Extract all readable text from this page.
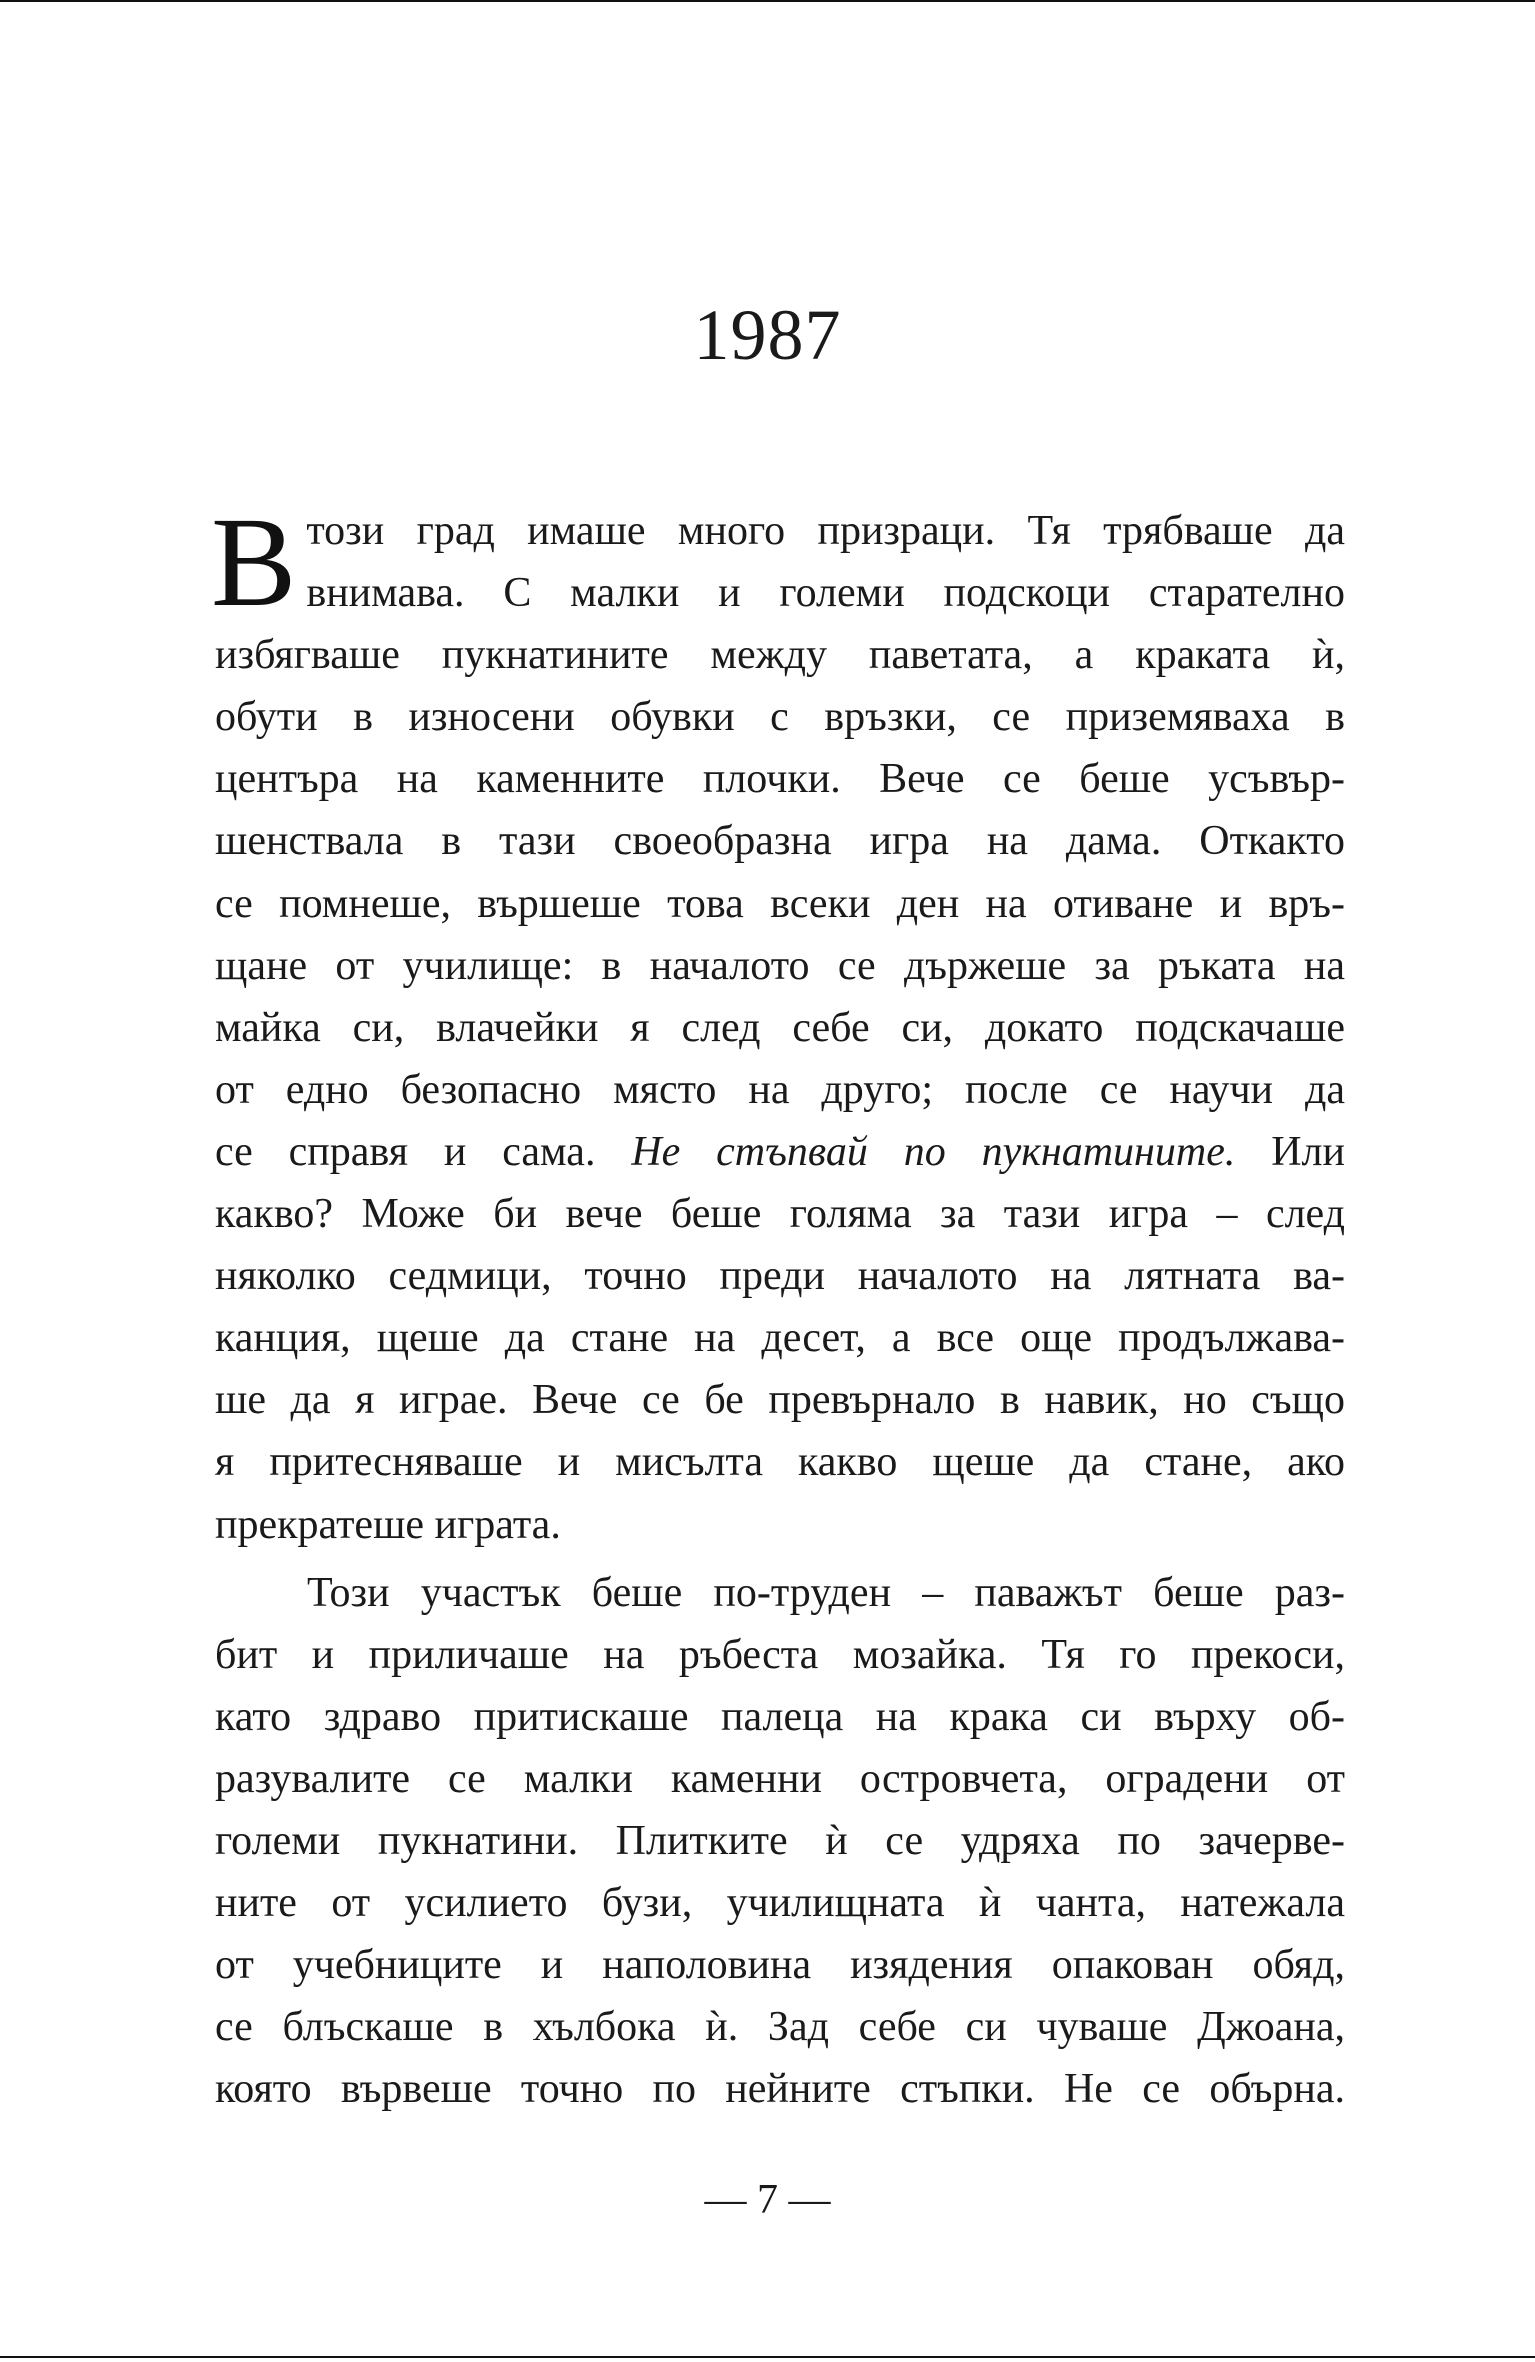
1987
В този град имаше много призраци. Тя трябваше да
внимава. С малки и големи подскоци старателно
избягваше пукнатините между паветата, а краката ѝ,
обути в износени обувки с връзки, се приземяваха в
центъра на каменните плочки. Вече се беше усъвър-
шенствала в тази своеобразна игра на дама. Откакто
се помнеше, вършеше това всеки ден на отиване и връ-
щане от училище: в началото се държеше за ръката на
майка си, влачейки я след себе си, докато подскачаше
от едно безопасно място на друго; после се научи да
се справя и сама. Не стъпвай по пукнатините. Или
какво? Може би вече беше голяма за тази игра – след
няколко седмици, точно преди началото на лятната ва-
канция, щеше да стане на десет, а все още продължава-
ше да я играе. Вече се бе превърнало в навик, но също
я притесняваше и мисълта какво щеше да стане, ако
прекратеше играта.
Този участък беше по-труден – паважът беше раз-
бит и приличаше на ръбеста мозайка. Тя го прекоси,
като здраво притискаше палеца на крака си върху об-
разувалите се малки каменни островчета, оградени от
големи пукнатини. Плитките ѝ се удряха по зачерве-
ните от усилието бузи, училищната ѝ чанта, натежала
от учебниците и наполовина изядения опакован обяд,
се блъскаше в хълбока ѝ. Зад себе си чуваше Джоана,
която вървеше точно по нейните стъпки. Не се обърна.
— 7 —
